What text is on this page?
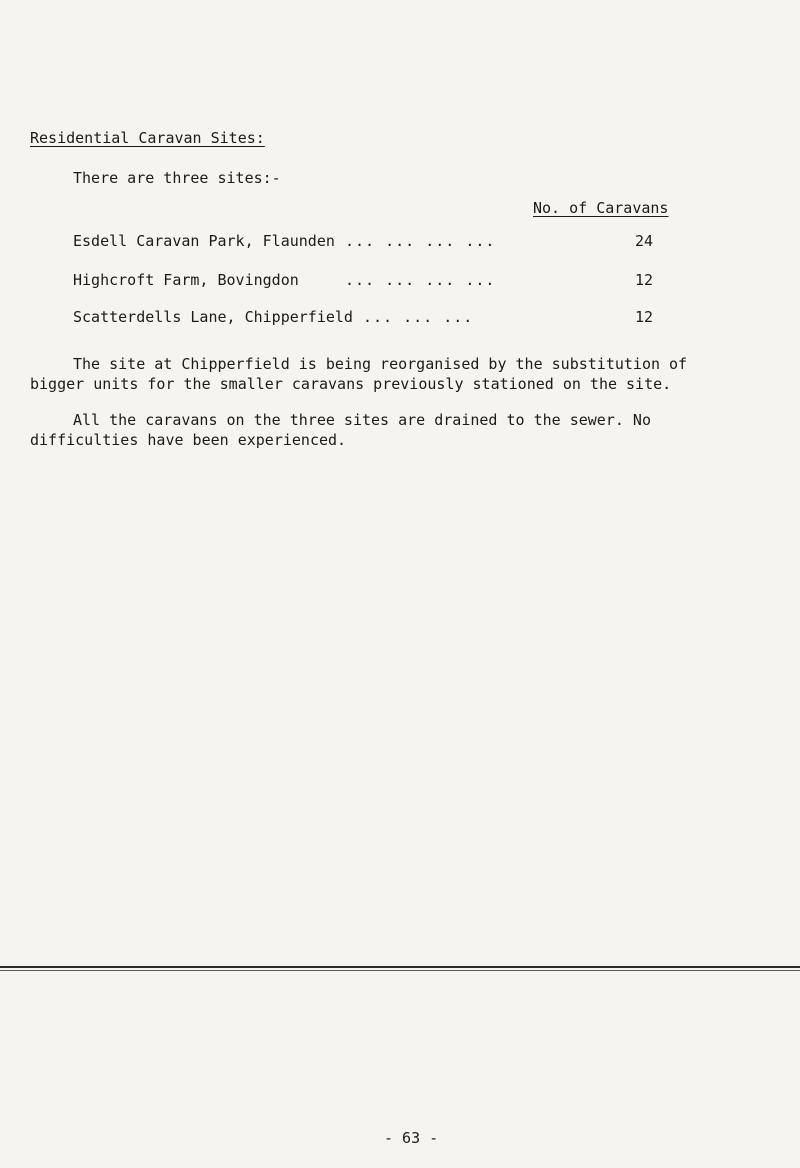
Residential Caravan Sites:
There are three sites:-
No. of Caravans
Esdell Caravan Park, Flaunden ... ... ... ...	24
Highcroft Farm, Bovingdon	... ... ... ...	12
Scatterdells Lane, Chipperfield ... ... ...	12
The site at Chipperfield is being reorganised by the substitution of bigger units for the smaller caravans previously stationed on the site.
All the caravans on the three sites are drained to the sewer. No difficulties have been experienced.
- 63 -
